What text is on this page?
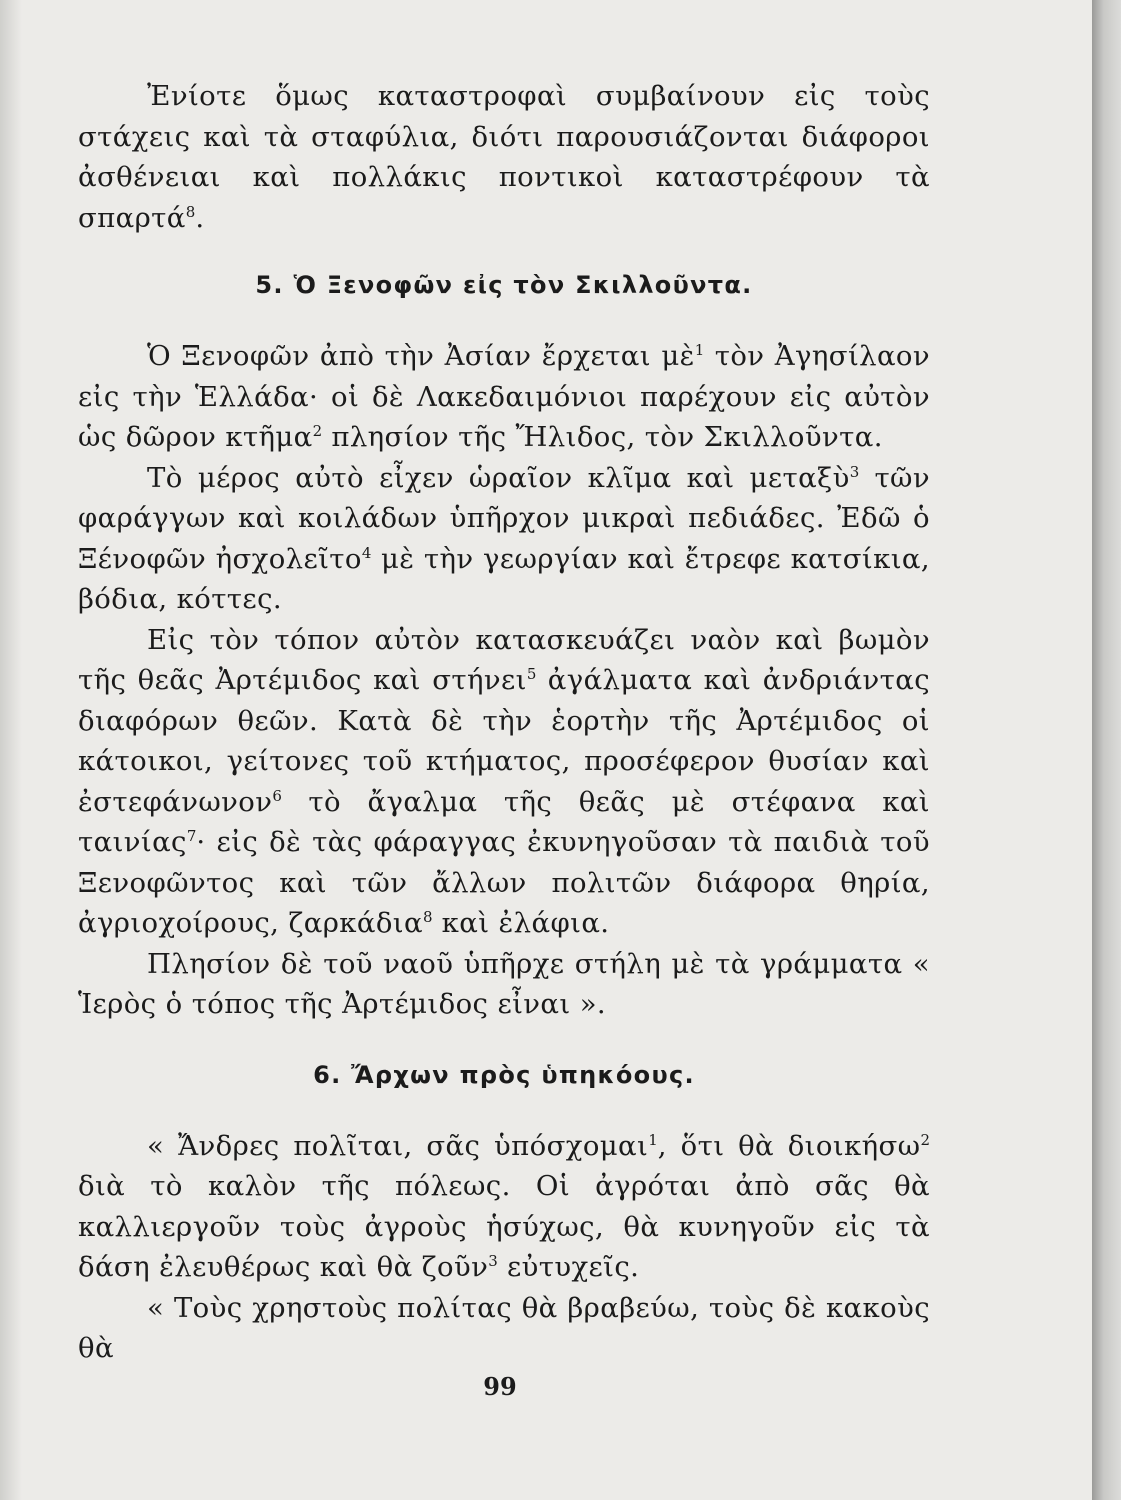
Ἐνίοτε ὅμως καταστροφαὶ συμβαίνουν εἰς τοὺς στάχεις καὶ τὰ σταφύλια, διότι παρουσιάζονται διάφοροι ἀσθένειαι καὶ πολλάκις ποντικοὶ καταστρέφουν τὰ σπαρτά$^8$.

5. Ὁ Ξενοφῶν εἰς τὸν Σκιλλοῦντα.

Ὁ Ξενοφῶν ἀπὸ τὴν Ἀσίαν ἔρχεται μὲ$^1$ τὸν Ἀγησίλαον εἰς τὴν Ἑλλάδα· οἱ δὲ Λακεδαιμόνιοι παρέχουν εἰς αὐτὸν ὡς δῶρον κτῆμα$^2$ πλησίον τῆς Ἤλιδος, τὸν Σκιλλοῦντα.

Τὸ μέρος αὐτὸ εἶχεν ὡραῖον κλῖμα καὶ μεταξὺ$^3$ τῶν φαράγγων καὶ κοιλάδων ὑπῆρχον μικραὶ πεδιάδες. Ἐδῶ ὁ Ξένοφῶν ἠσχολεῖτο$^4$ μὲ τὴν γεωργίαν καὶ ἔτρεφε κατσίκια, βόδια, κόττες.

Εἰς τὸν τόπον αὐτὸν κατασκευάζει ναὸν καὶ βωμὸν τῆς θεᾶς Ἀρτέμιδος καὶ στήνει$^5$ ἀγάλματα καὶ ἀνδριάντας διαφόρων θεῶν. Κατὰ δὲ τὴν ἑορτὴν τῆς Ἀρτέμιδος οἱ κάτοικοι, γείτονες τοῦ κτήματος, προσέφερον θυσίαν καὶ ἐστεφάνωνον$^6$ τὸ ἄγαλμα τῆς θεᾶς μὲ στέφανα καὶ ταινίας$^7$· εἰς δὲ τὰς φάραγγας ἐκυνηγοῦσαν τὰ παιδιὰ τοῦ Ξενοφῶντος καὶ τῶν ἄλλων πολιτῶν διάφορα θηρία, ἀγριοχοίρους, ζαρκάδια$^8$ καὶ ἐλάφια.

Πλησίον δὲ τοῦ ναοῦ ὑπῆρχε στήλη μὲ τὰ γράμματα « Ἱερὸς ὁ τόπος τῆς Ἀρτέμιδος εἶναι ».

6. Ἄρχων πρὸς ὑπηκόους.

« Ἄνδρες πολῖται, σᾶς ὑπόσχομαι$^1$, ὅτι θὰ διοικήσω$^2$ διὰ τὸ καλὸν τῆς πόλεως. Οἱ ἀγρόται ἀπὸ σᾶς θὰ καλλιεργοῦν τοὺς ἀγροὺς ἡσύχως, θὰ κυνηγοῦν εἰς τὰ δάση ἐλευθέρως καὶ θὰ ζοῦν$^3$ εὐτυχεῖς.

« Τοὺς χρηστοὺς πολίτας θὰ βραβεύω, τοὺς δὲ κακοὺς θὰ

99
